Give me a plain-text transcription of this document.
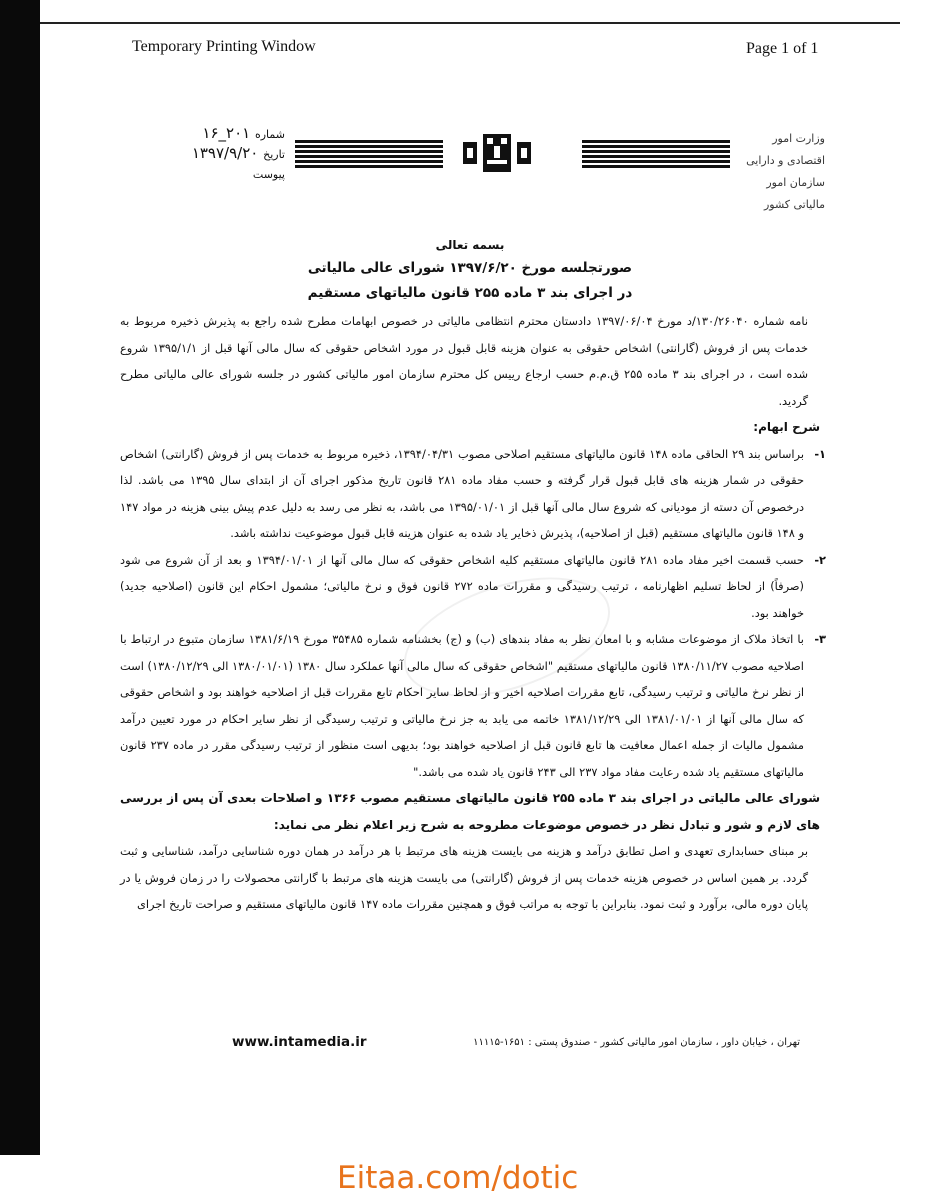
Temporary Printing Window	Page 1 of 1
شماره ۲۰۱_۱۶
تاریخ ۱۳۹۷/۹/۲۰
پیوست
وزارت امور اقتصادی و دارایی
سازمان امور مالیاتی کشور
بسمه تعالی
صورتجلسه مورخ ۱۳۹۷/۶/۲۰ شورای عالی مالیاتی
در اجرای بند ۳ ماده ۲۵۵ قانون مالیاتهای مستقیم

نامه شماره ۱۳۰/۲۶۰۴۰/د مورخ ۱۳۹۷/۰۶/۰۴ دادستان محترم انتظامی مالیاتی در خصوص ابهامات مطرح شده راجع به پذیرش ذخیره مربوط به خدمات پس از فروش (گارانتی) اشخاص حقوقی به عنوان هزینه قابل قبول در مورد اشخاص حقوقی که سال مالی آنها قبل از ۱۳۹۵/۱/۱ شروع شده است ، در اجرای بند ۳ ماده ۲۵۵ ق.م.م حسب ارجاع رییس کل محترم سازمان امور مالیاتی کشور در جلسه شورای عالی مالیاتی مطرح گردید.

شرح ابهام:

۱-
براساس بند ۲۹ الحاقی ماده ۱۴۸ قانون مالیاتهای مستقیم اصلاحی مصوب ۱۳۹۴/۰۴/۳۱، ذخیره مربوط به خدمات پس از فروش (گارانتی) اشخاص حقوقی در شمار هزینه های قابل قبول قرار گرفته و حسب مفاد ماده ۲۸۱ قانون تاریخ مذکور اجرای آن از ابتدای سال ۱۳۹۵ می باشد. لذا درخصوص آن دسته از مودیانی که شروع سال مالی آنها قبل از ۱۳۹۵/۰۱/۰۱ می باشد، به نظر می رسد به دلیل عدم پیش بینی هزینه در مواد ۱۴۷ و ۱۴۸ قانون مالیاتهای مستقیم (قبل از اصلاحیه)، پذیرش ذخایر یاد شده به عنوان هزینه قابل قبول موضوعیت نداشته باشد.

۲-
حسب قسمت اخیر مفاد ماده ۲۸۱ قانون مالیاتهای مستقیم کلیه اشخاص حقوقی که سال مالی آنها از ۱۳۹۴/۰۱/۰۱ و بعد از آن شروع می شود (صرفاً) از لحاظ تسلیم اظهارنامه ، ترتیب رسیدگی و مقررات ماده ۲۷۲ قانون فوق و نرخ مالیاتی؛ مشمول احکام این قانون (اصلاحیه جدید) خواهند بود.

۳-
با اتخاذ ملاک از موضوعات مشابه و با امعان نظر به مفاد بندهای (ب) و (ج) بخشنامه شماره ۳۵۴۸۵ مورخ ۱۳۸۱/۶/۱۹ سازمان متبوع در ارتباط با اصلاحیه مصوب ۱۳۸۰/۱۱/۲۷ قانون مالیاتهای مستقیم "اشخاص حقوقی که سال مالی آنها عملکرد سال ۱۳۸۰ (۱۳۸۰/۰۱/۰۱ الی ۱۳۸۰/۱۲/۲۹) است از نظر نرخ مالیاتی و ترتیب رسیدگی، تابع مقررات اصلاحیه اخیر و از لحاظ سایر احکام تابع مقررات قبل از اصلاحیه خواهند بود و اشخاص حقوقی که سال مالی آنها از ۱۳۸۱/۰۱/۰۱ الی ۱۳۸۱/۱۲/۲۹ خاتمه می یابد به جز نرخ مالیاتی و ترتیب رسیدگی از نظر سایر احکام در مورد تعیین درآمد مشمول مالیات از جمله اعمال معافیت ها تابع قانون قبل از اصلاحیه خواهند بود؛ بدیهی است منظور از ترتیب رسیدگی مقرر در ماده ۲۳۷ قانون مالیاتهای مستقیم یاد شده رعایت مفاد مواد ۲۳۷ الی ۲۴۳ قانون یاد شده می باشد."

شورای عالی مالیاتی در اجرای بند ۳ ماده ۲۵۵ قانون مالیاتهای مستقیم مصوب ۱۳۶۶ و اصلاحات بعدی آن پس از بررسی های لازم و شور و تبادل نظر در خصوص موضوعات مطروحه به شرح زیر اعلام نظر می نماید:

بر مبنای حسابداری تعهدی و اصل تطابق درآمد و هزینه می بایست هزینه های مرتبط با هر درآمد در همان دوره شناسایی درآمد، شناسایی و ثبت گردد. بر همین اساس در خصوص هزینه خدمات پس از فروش (گارانتی) می بایست هزینه های مرتبط با گارانتی محصولات را در زمان فروش یا در پایان دوره مالی، برآورد و ثبت نمود. بنابراین با توجه به مراتب فوق و همچنین مقررات ماده ۱۴۷ قانون مالیاتهای مستقیم و صراحت تاریخ اجرای

تهران ، خیابان داور ، سازمان امور مالیاتی کشور - صندوق پستی : ۱۶۵۱-۱۱۱۱۵
www.intamedia.ir
Eitaa.com/dotic
